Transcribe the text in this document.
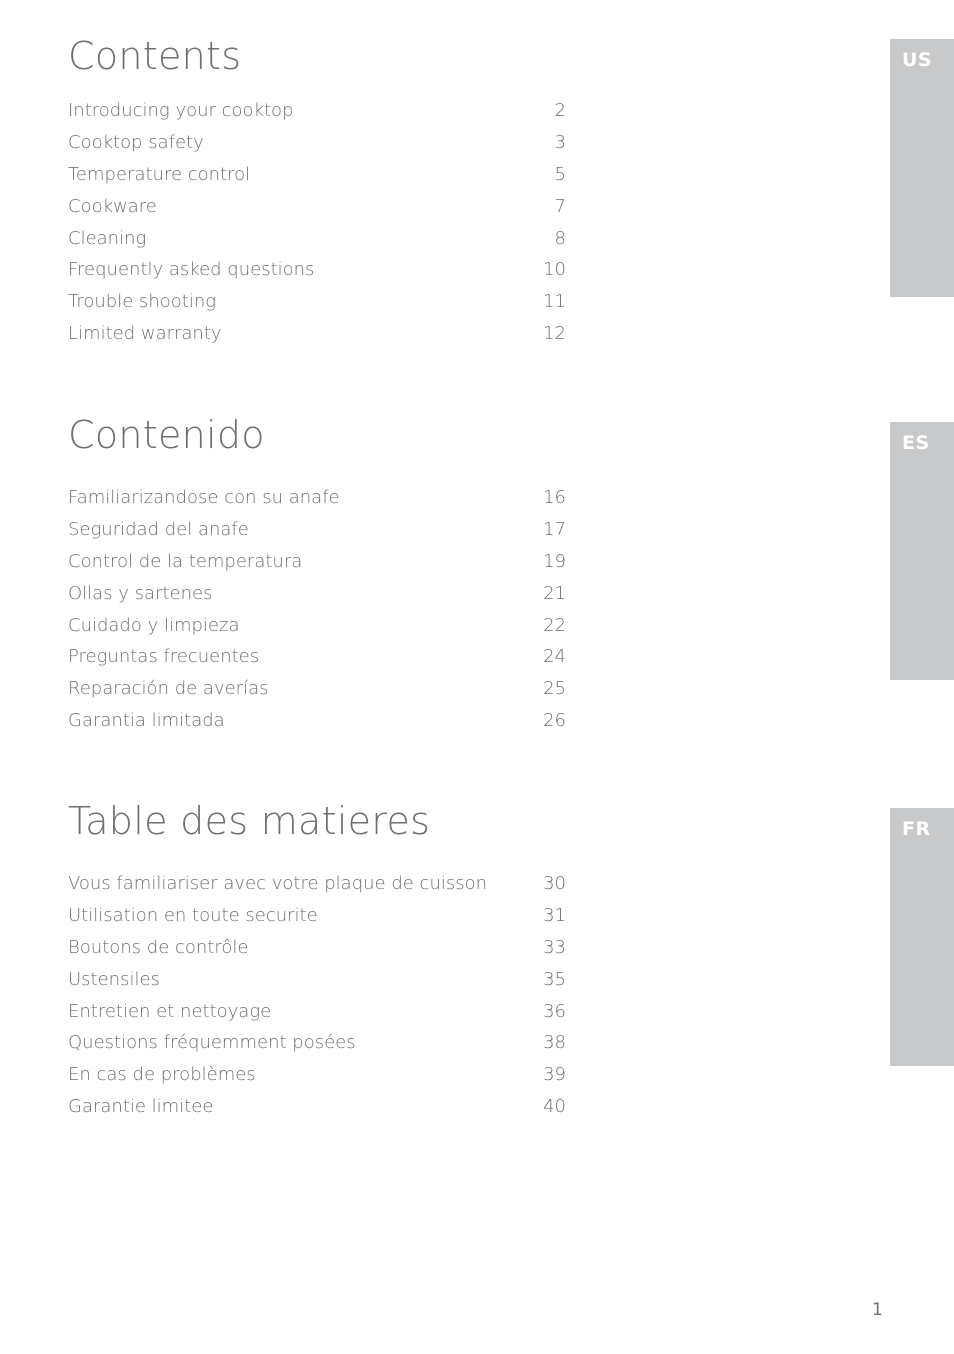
Contents
Introducing your cooktop	2
Cooktop safety	3
Temperature control	5
Cookware	7
Cleaning	8
Frequently asked questions	10
Trouble shooting	11
Limited warranty	12
Contenido
Familiarizandose con su anafe	16
Seguridad del anafe	17
Control de la temperatura	19
Ollas y sartenes	21
Cuidado y limpieza	22
Preguntas frecuentes	24
Reparación de averías	25
Garantia limitada	26
Table des matieres
Vous familiariser avec votre plaque de cuisson	30
Utilisation en toute securite	31
Boutons de contrôle	33
Ustensiles	35
Entretien et nettoyage	36
Questions fréquemment posées	38
En cas de problèmes	39
Garantie limitee	40
US
ES
FR
1
